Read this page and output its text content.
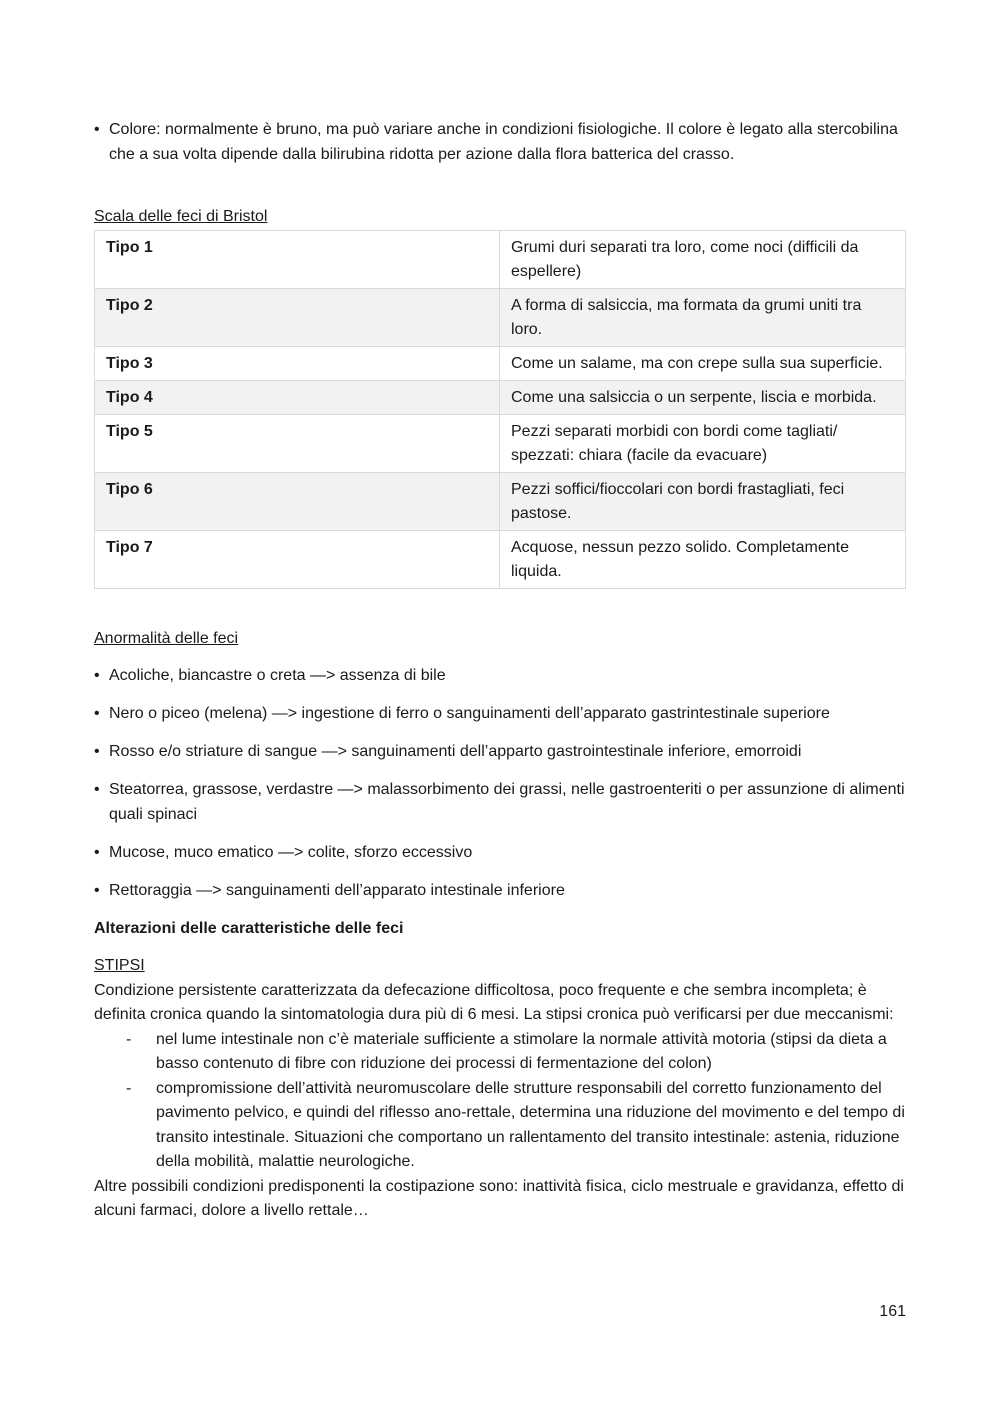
• Colore: normalmente è bruno, ma può variare anche in condizioni fisiologiche. Il colore è legato alla stercobilina che a sua volta dipende dalla bilirubina ridotta per azione dalla flora batterica del crasso.

Scala delle feci di Bristol

Tipo 1	Grumi duri separati tra loro, come noci (difficili da espellere)
Tipo 2	A forma di salsiccia, ma formata da grumi uniti tra loro.
Tipo 3	Come un salame, ma con crepe sulla sua superficie.
Tipo 4	Come una salsiccia o un serpente, liscia e morbida.
Tipo 5	Pezzi separati morbidi con bordi come tagliati/ spezzati: chiara (facile da evacuare)
Tipo 6	Pezzi soffici/fioccolari con bordi frastagliati, feci pastose.
Tipo 7	Acquose, nessun pezzo solido. Completamente liquida.

Anormalità delle feci

• Acoliche, biancastre o creta —> assenza di bile

• Nero o piceo (melena) —> ingestione di ferro o sanguinamenti dell’apparato gastrintestinale superiore

• Rosso e/o striature di sangue —> sanguinamenti dell’apparto gastrointestinale inferiore, emorroidi

• Steatorrea, grassose, verdastre —> malassorbimento dei grassi, nelle gastroenteriti o per assunzione di alimenti quali spinaci

• Mucose, muco ematico —> colite, sforzo eccessivo

• Rettoraggia —> sanguinamenti dell’apparato intestinale inferiore

Alterazioni delle caratteristiche delle feci

STIPSI

Condizione persistente caratterizzata da defecazione difficoltosa, poco frequente e che sembra incompleta; è definita cronica quando la sintomatologia dura più di 6 mesi. La stipsi cronica può verificarsi per due meccanismi:

- nel lume intestinale non c’è materiale sufficiente a stimolare la normale attività motoria (stipsi da dieta a basso contenuto di fibre con riduzione dei processi di fermentazione del colon)
- compromissione dell’attività neuromuscolare delle strutture responsabili del corretto funzionamento del pavimento pelvico, e quindi del riflesso ano-rettale, determina una riduzione del movimento e del tempo di transito intestinale. Situazioni che comportano un rallentamento del transito intestinale: astenia, riduzione della mobilità, malattie neurologiche.

Altre possibili condizioni predisponenti la costipazione sono: inattività fisica, ciclo mestruale e gravidanza, effetto di alcuni farmaci, dolore a livello rettale…

161
